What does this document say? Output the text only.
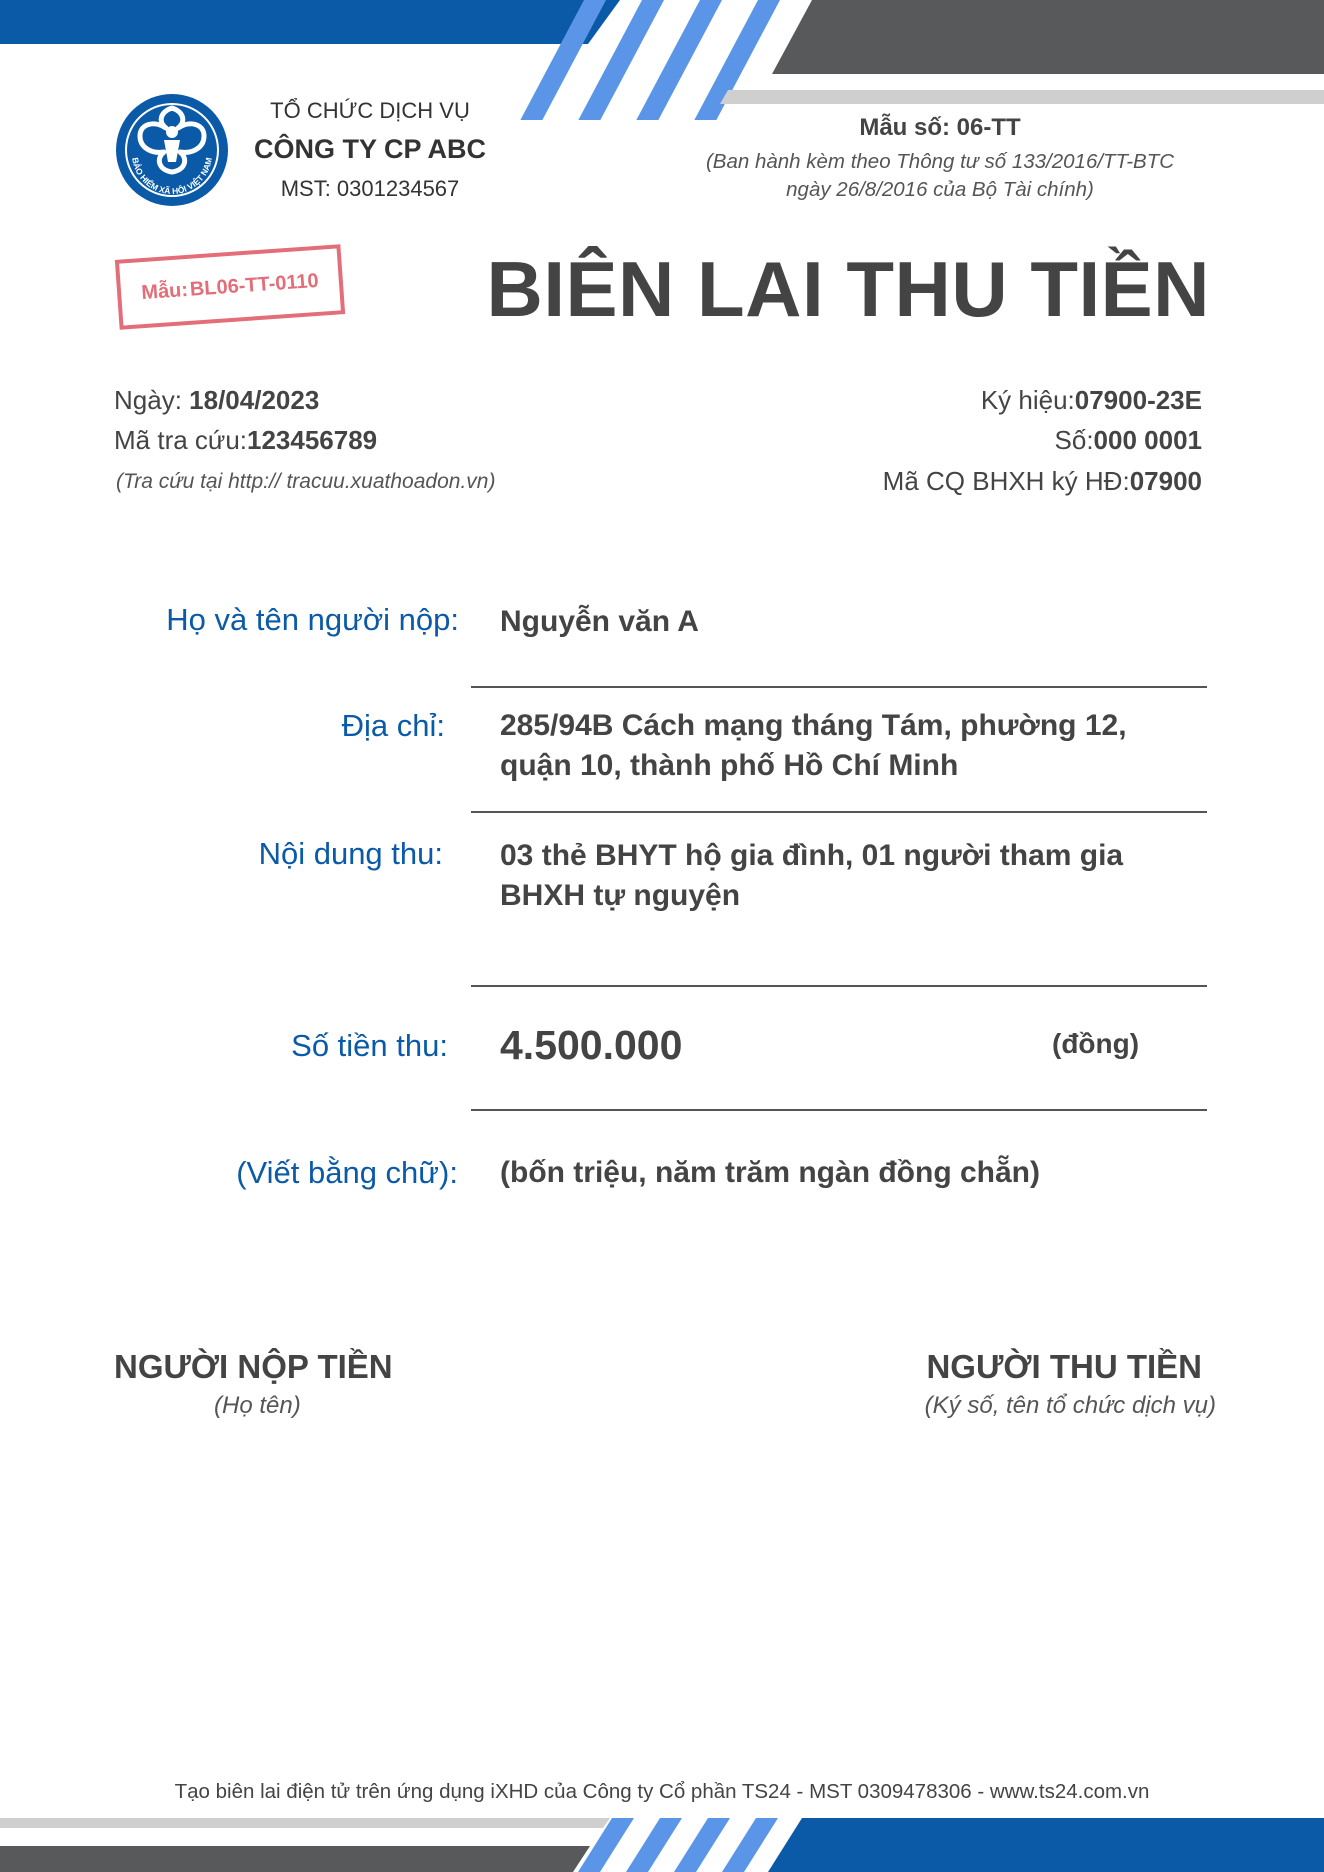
BẢO HIỂM XÃ HỘI VIỆT NAM
TỔ CHỨC DỊCH VỤ
CÔNG TY CP ABC
MST: 0301234567
Mẫu số: 06-TT
(Ban hành kèm theo Thông tư số 133/2016/TT-BTC
ngày 26/8/2016 của Bộ Tài chính)
Mẫu: BL06-TT-0110 BIÊN LAI THU TIỀN
Ngày: 18/04/2023
Mã tra cứu:123456789
(Tra cứu tại http:// tracuu.xuathoadon.vn)
Ký hiệu:07900-23E
Số:000 0001
Mã CQ BHXH ký HĐ:07900
Họ và tên người nộp: Nguyễn văn A
Địa chỉ: 285/94B Cách mạng tháng Tám, phường 12,
quận 10, thành phố Hồ Chí Minh
Nội dung thu: 03 thẻ BHYT hộ gia đình, 01 người tham gia
BHXH tự nguyện
Số tiền thu: 4.500.000	(đồng)
(Viết bằng chữ): (bốn triệu, năm trăm ngàn đồng chẵn)
NGƯỜI NỘP TIỀN
(Họ tên)
NGƯỜI THU TIỀN
(Ký số, tên tổ chức dịch vụ)
Tạo biên lai điện tử trên ứng dụng iXHD của Công ty Cổ phần TS24 - MST 0309478306 - www.ts24.com.vn
